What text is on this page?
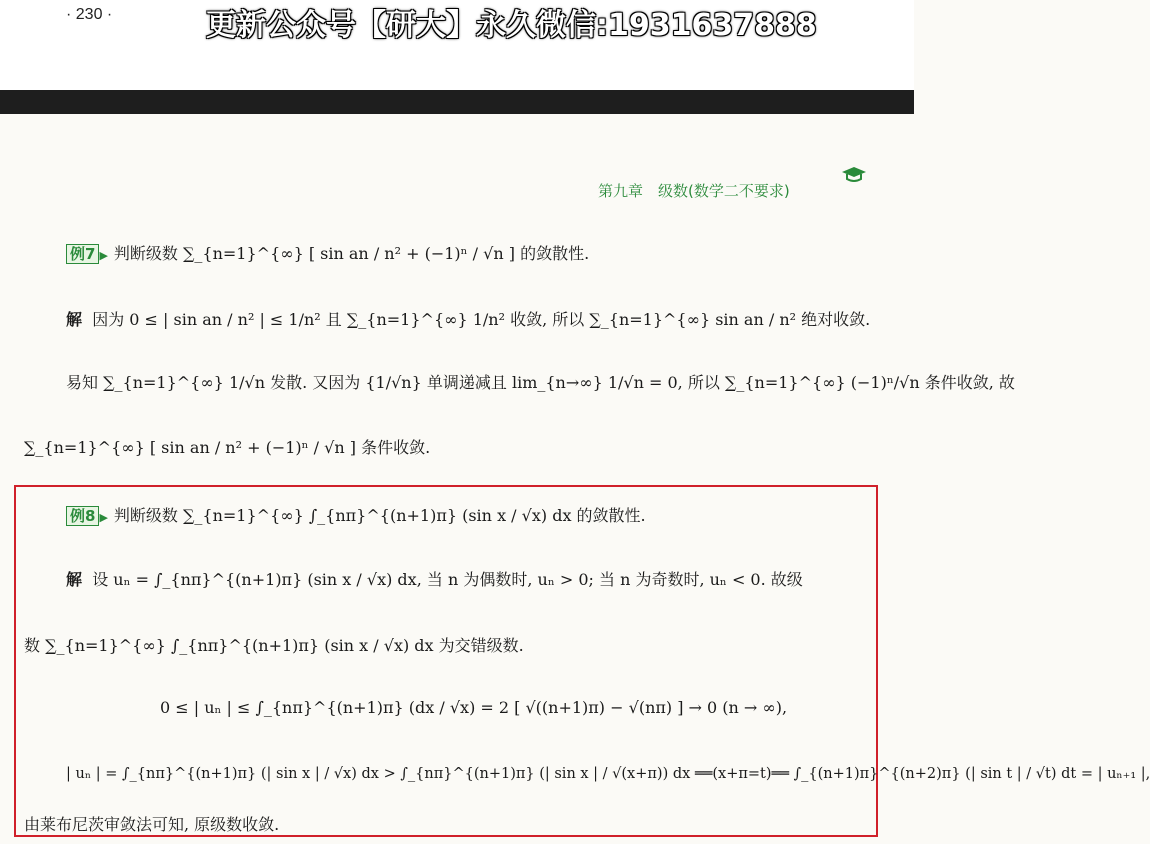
· 230 ·	更新公众号【研大】永久微信:1931637888
第九章　级数(数学二不要求)
例7 ▶ 判断级数 ∑_{n=1}^{∞} [ sin an / n² + (−1)ⁿ / √n ] 的敛散性.
解 因为 0 ≤ | sin an / n² | ≤ 1/n² 且 ∑_{n=1}^{∞} 1/n² 收敛, 所以 ∑_{n=1}^{∞} sin an / n² 绝对收敛.
易知 ∑_{n=1}^{∞} 1/√n 发散. 又因为 {1/√n} 单调递减且 lim_{n→∞} 1/√n = 0, 所以 ∑_{n=1}^{∞} (−1)ⁿ/√n 条件收敛, 故
∑_{n=1}^{∞} [ sin an / n² + (−1)ⁿ / √n ] 条件收敛.
例8 ▶ 判断级数 ∑_{n=1}^{∞} ∫_{nπ}^{(n+1)π} (sin x / √x) dx 的敛散性.
解 设 uₙ = ∫_{nπ}^{(n+1)π} (sin x / √x) dx, 当 n 为偶数时, uₙ > 0; 当 n 为奇数时, uₙ < 0. 故级
数 ∑_{n=1}^{∞} ∫_{nπ}^{(n+1)π} (sin x / √x) dx 为交错级数.
0 ≤ | uₙ | ≤ ∫_{nπ}^{(n+1)π} (dx / √x) = 2 [ √((n+1)π) − √(nπ) ] → 0 (n → ∞),
| uₙ | = ∫_{nπ}^{(n+1)π} (| sin x | / √x) dx > ∫_{nπ}^{(n+1)π} (| sin x | / √(x+π)) dx ══(x+π=t)══ ∫_{(n+1)π}^{(n+2)π} (| sin t | / √t) dt = | uₙ₊₁ |,
由莱布尼茨审敛法可知, 原级数收敛.
